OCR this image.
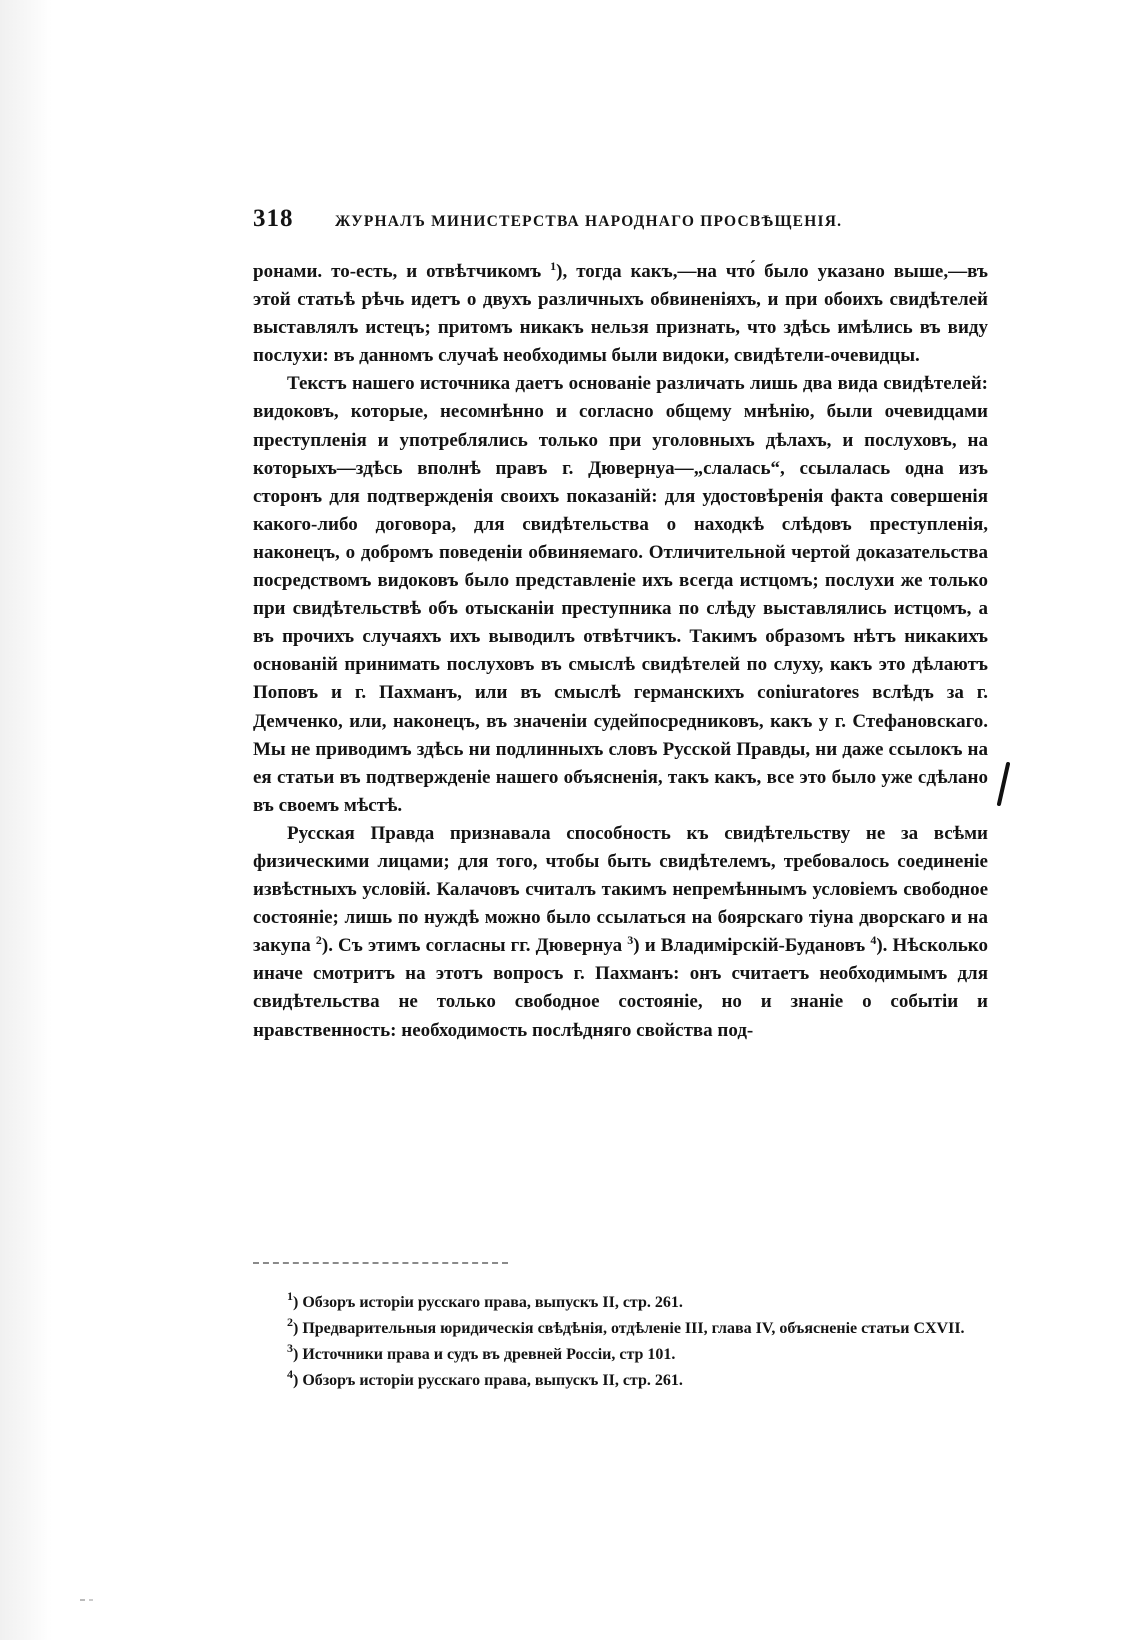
318	ЖУРНАЛЪ МИНИСТЕРСТВА НАРОДНАГО ПРОСВѢЩЕНІЯ.

ронами. то-есть, и отвѣтчикомъ $^1$), тогда какъ,—на что́ было указано выше,—въ этой статьѣ рѣчь идетъ о двухъ различныхъ обвиненіяхъ, и при обоихъ свидѣтелей выставлялъ истецъ; притомъ никакъ нельзя признать, что здѣсь имѣлись въ виду послухи: въ данномъ случаѣ необходимы были видоки, свидѣтели-очевидцы.

Текстъ нашего источника даетъ основаніе различать лишь два вида свидѣтелей: видоковъ, которые, несомнѣнно и согласно общему мнѣнію, были очевидцами преступленія и употреблялись только при уголовныхъ дѣлахъ, и послуховъ, на которыхъ—здѣсь вполнѣ правъ г. Дювернуа—„слалась“, ссылалась одна изъ сторонъ для подтвержденія своихъ показаній: для удостовѣренія факта совершенія какого-либо договора, для свидѣтельства о находкѣ слѣдовъ преступленія, наконецъ, о добромъ поведеніи обвиняемаго. Отличительной чертой доказательства посредствомъ видоковъ было представленіе ихъ всегда истцомъ; послухи же только при свидѣтельствѣ объ отысканіи преступника по слѣду выставлялись истцомъ, а въ прочихъ случаяхъ ихъ выводилъ отвѣтчикъ. Такимъ образомъ нѣтъ никакихъ основаній принимать послуховъ въ смыслѣ свидѣтелей по слуху, какъ это дѣлаютъ Поповъ и г. Пахманъ, или въ смыслѣ германскихъ coniuratores вслѣдъ за г. Демченко, или, наконецъ, въ значеніи судейпосредниковъ, какъ у г. Стефановскаго. Мы не приводимъ здѣсь ни подлинныхъ словъ Русской Правды, ни даже ссылокъ на ея статьи въ подтвержденіе нашего объясненія, такъ какъ, все это было уже сдѣлано въ своемъ мѣстѣ.

Русская Правда признавала способность къ свидѣтельству не за всѣми физическими лицами; для того, чтобы быть свидѣтелемъ, требовалось соединеніе извѣстныхъ условій. Калачовъ считалъ такимъ непремѣннымъ условіемъ свободное состояніе; лишь по нуждѣ можно было ссылаться на боярскаго тіуна дворскаго и на закупа $^2$). Съ этимъ согласны гг. Дювернуа $^3$) и Владимірскій-Будановъ $^4$). Нѣсколько иначе смотритъ на этотъ вопросъ г. Пахманъ: онъ считаетъ необходимымъ для свидѣтельства не только свободное состояніе, но и знаніе о событіи и нравственность: необходимость послѣдняго свойства под-

$^1$) Обзоръ исторіи русскаго права, выпускъ II, стр. 261.

$^2$) Предварительныя юридическія свѣдѣнія, отдѣленіе III, глава IV, объясненіе статьи CXVII.

$^3$) Источники права и судъ въ древней Россіи, стр 101.

$^4$) Обзоръ исторіи русскаго права, выпускъ II, стр. 261.
